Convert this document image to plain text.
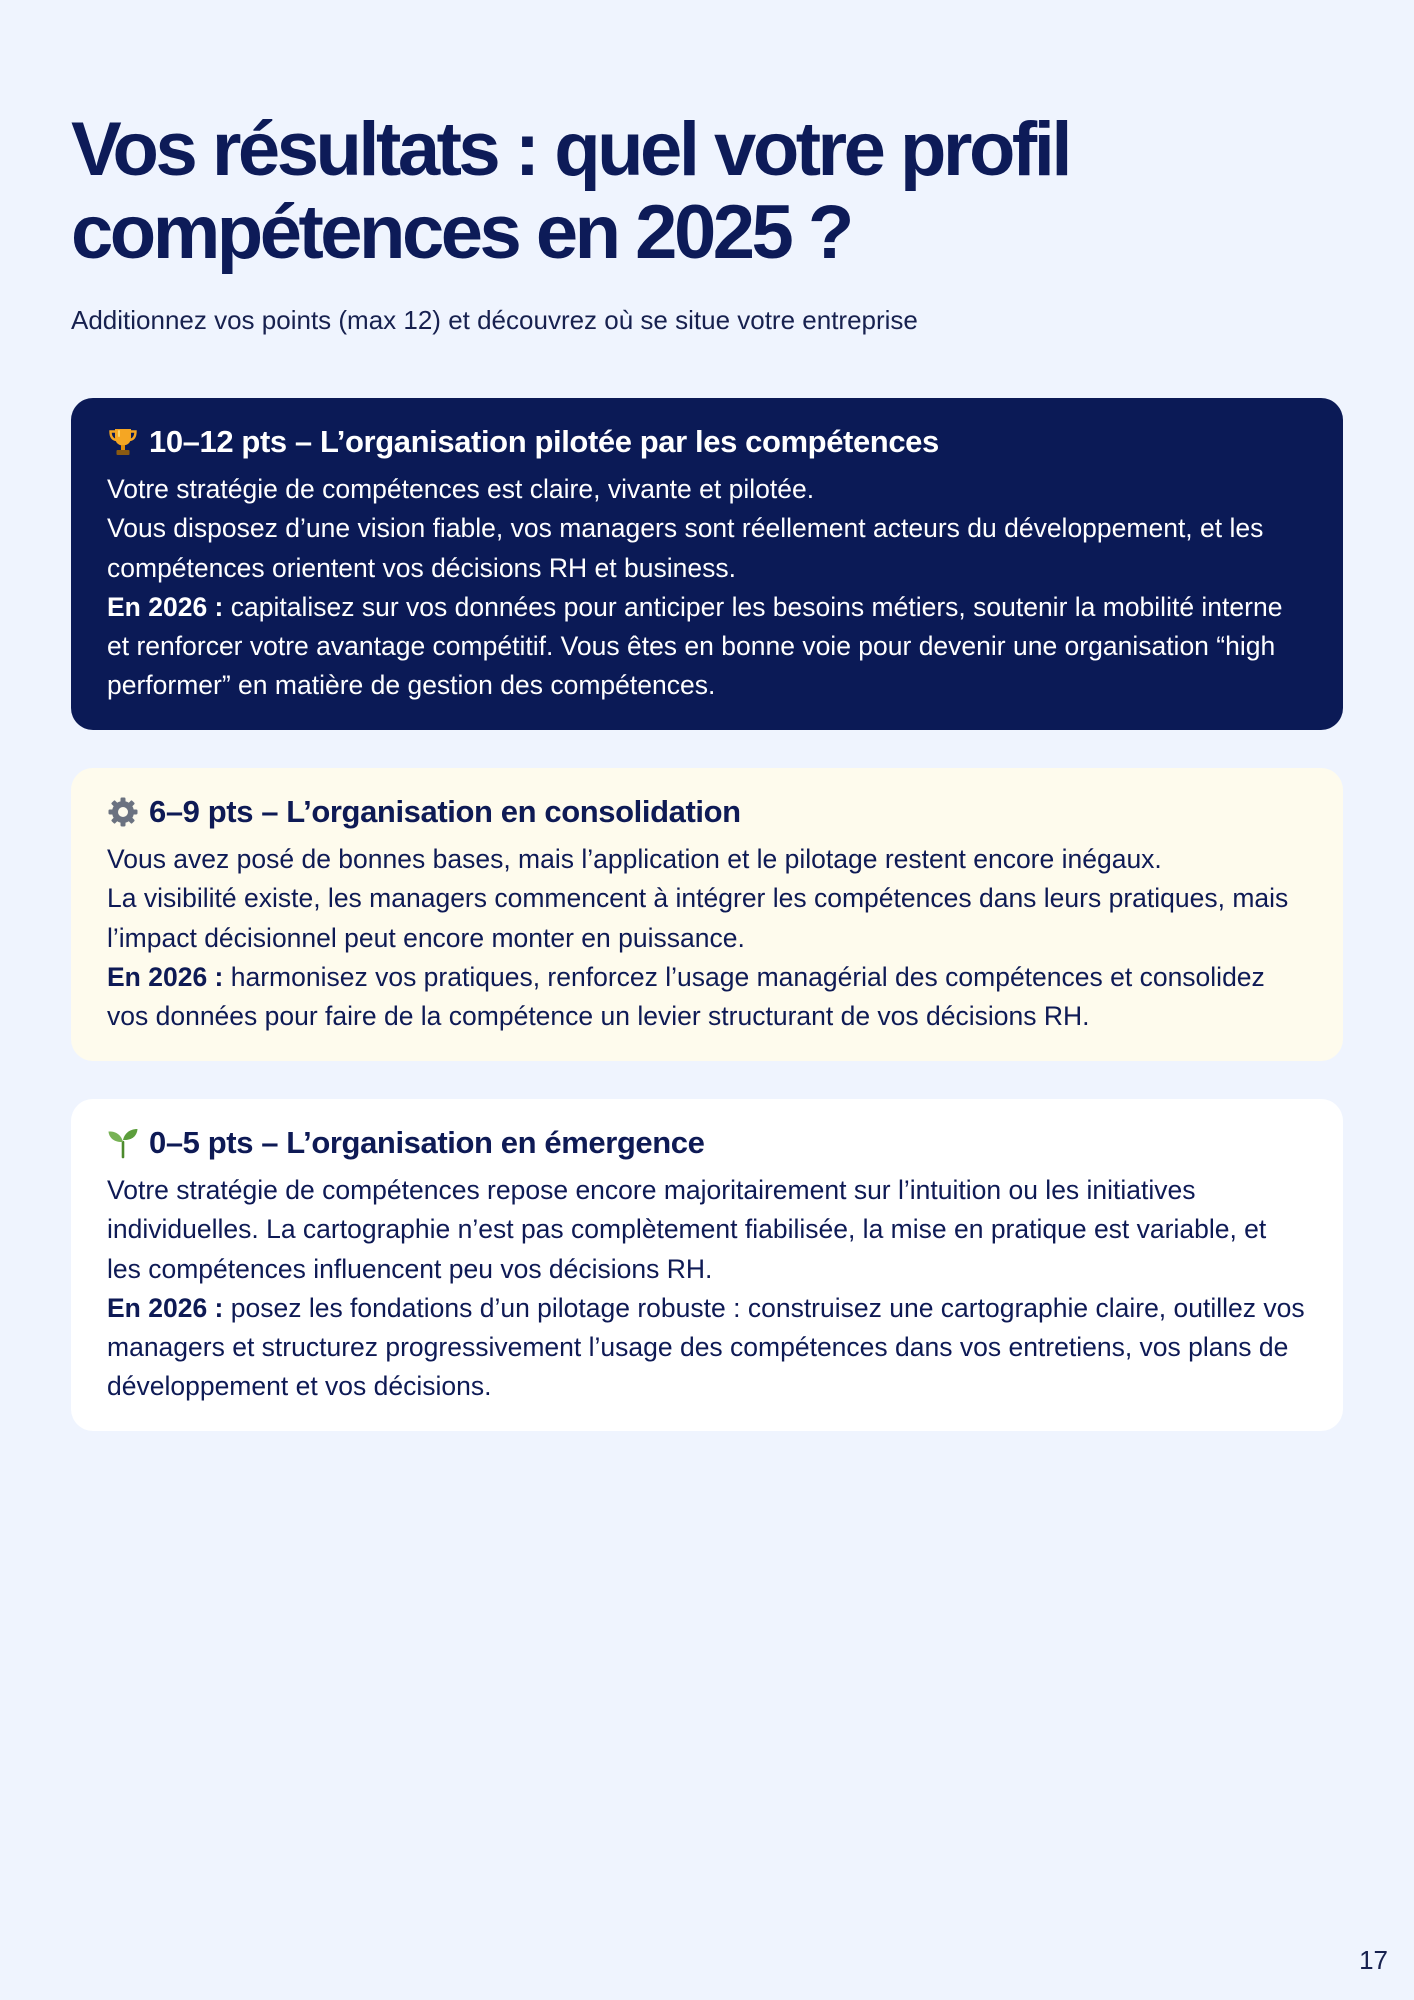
Vos résultats : quel votre profil
compétences en 2025 ?
Additionnez vos points (max 12) et découvrez où se situe votre entreprise
10–12 pts – L’organisation pilotée par les compétences

Votre stratégie de compétences est claire, vivante et pilotée.

Vous disposez d’une vision fiable, vos managers sont réellement acteurs du développement, et les compétences orientent vos décisions RH et business.

En 2026 : capitalisez sur vos données pour anticiper les besoins métiers, soutenir la mobilité interne et renforcer votre avantage compétitif. Vous êtes en bonne voie pour devenir une organisation “high performer” en matière de gestion des compétences.

6–9 pts – L’organisation en consolidation

Vous avez posé de bonnes bases, mais l’application et le pilotage restent encore inégaux.

La visibilité existe, les managers commencent à intégrer les compétences dans leurs pratiques, mais l’impact décisionnel peut encore monter en puissance.

En 2026 : harmonisez vos pratiques, renforcez l’usage managérial des compétences et consolidez vos données pour faire de la compétence un levier structurant de vos décisions RH.

0–5 pts – L’organisation en émergence

Votre stratégie de compétences repose encore majoritairement sur l’intuition ou les initiatives individuelles. La cartographie n’est pas complètement fiabilisée, la mise en pratique est variable, et les compétences influencent peu vos décisions RH.

En 2026 : posez les fondations d’un pilotage robuste : construisez une cartographie claire, outillez vos managers et structurez progressivement l’usage des compétences dans vos entretiens, vos plans de développement et vos décisions.

17
